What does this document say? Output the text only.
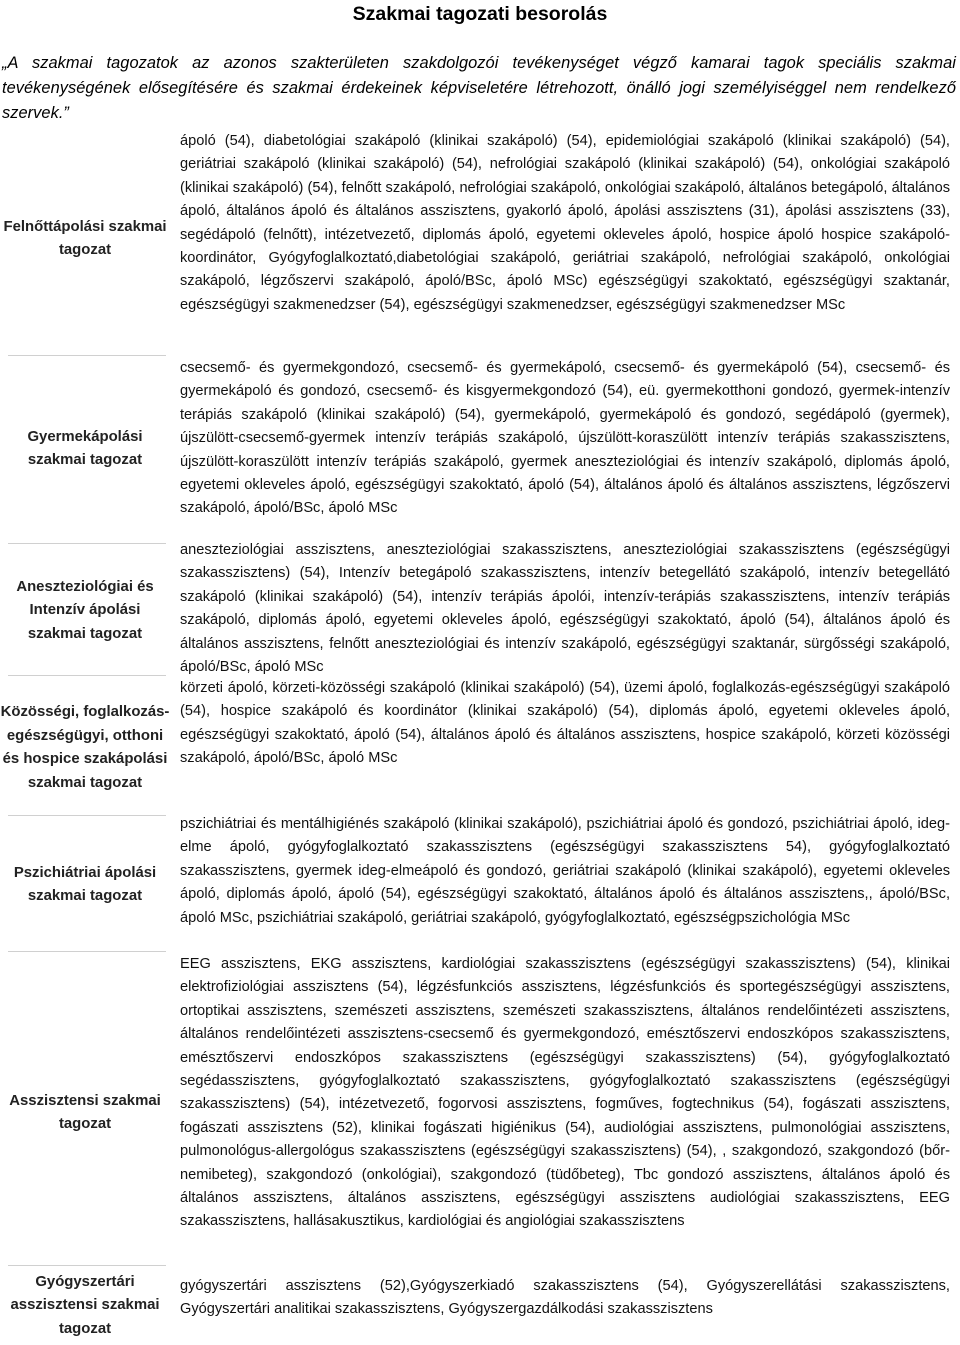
Szakmai tagozati besorolás
„A szakmai tagozatok az azonos szakterületen szakdolgozói tevékenységet végző kamarai tagok speciális szakmai tevékenységének elősegítésére és szakmai érdekeinek képviseletére létrehozott, önálló jogi személyiséggel nem rendelkező szervek.”
Felnőttápolási szakmai tagozat
ápoló (54), diabetológiai szakápoló (klinikai szakápoló) (54), epidemiológiai szakápoló (klinikai szakápoló) (54), geriátriai szakápoló (klinikai szakápoló) (54), nefrológiai szakápoló (klinikai szakápoló) (54), onkológiai szakápoló (klinikai szakápoló) (54), felnőtt szakápoló, nefrológiai szakápoló, onkológiai szakápoló, általános betegápoló, általános ápoló, általános ápoló és általános asszisztens, gyakorló ápoló, ápolási asszisztens (31), ápolási asszisztens (33), segédápoló (felnőtt), intézetvezető, diplomás ápoló, egyetemi okleveles ápoló, hospice ápoló hospice szakápoló-koordinátor, Gyógyfoglalkoztató,diabetológiai szakápoló, geriátriai szakápoló, nefrológiai szakápoló, onkológiai szakápoló, légzőszervi szakápoló, ápoló/BSc, ápoló MSc) egészségügyi szakoktató, egészségügyi szaktanár, egészségügyi szakmenedzser (54), egészségügyi szakmenedzser, egészségügyi szakmenedzser MSc
Gyermekápolási szakmai tagozat
csecsemő- és gyermekgondozó, csecsemő- és gyermekápoló, csecsemő- és gyermekápoló (54), csecsemő- és gyermekápoló és gondozó, csecsemő- és kisgyermekgondozó (54), eü. gyermekotthoni gondozó, gyermek-intenzív terápiás szakápoló (klinikai szakápoló) (54), gyermekápoló, gyermekápoló és gondozó, segédápoló (gyermek), újszülött-csecsemő-gyermek intenzív terápiás szakápoló, újszülött-koraszülött intenzív terápiás szakasszisztens, újszülött-koraszülött intenzív terápiás szakápoló, gyermek aneszteziológiai és intenzív szakápoló, diplomás ápoló, egyetemi okleveles ápoló, egészségügyi szakoktató, ápoló (54), általános ápoló és általános asszisztens, légzőszervi szakápoló, ápoló/BSc, ápoló MSc
Aneszteziológiai és Intenzív ápolási szakmai tagozat
aneszteziológiai asszisztens, aneszteziológiai szakasszisztens, aneszteziológiai szakasszisztens (egészségügyi szakasszisztens) (54), Intenzív betegápoló szakasszisztens, intenzív betegellátó szakápoló, intenzív betegellátó szakápoló (klinikai szakápoló) (54), intenzív terápiás ápolói, intenzív-terápiás szakasszisztens, intenzív terápiás szakápoló, diplomás ápoló, egyetemi okleveles ápoló, egészségügyi szakoktató, ápoló (54), általános ápoló és általános asszisztens, felnőtt aneszteziológiai és intenzív szakápoló, egészségügyi szaktanár, sürgősségi szakápoló, ápoló/BSc, ápoló MSc
Közösségi, foglalkozás-egészségügyi, otthoni és hospice szakápolási szakmai tagozat
körzeti ápoló, körzeti-közösségi szakápoló (klinikai szakápoló) (54), üzemi ápoló, foglalkozás-egészségügyi szakápoló (54), hospice szakápoló és koordinátor (klinikai szakápoló) (54), diplomás ápoló, egyetemi okleveles ápoló, egészségügyi szakoktató, ápoló (54), általános ápoló és általános asszisztens, hospice szakápoló, körzeti közösségi szakápoló, ápoló/BSc, ápoló MSc
Pszichiátriai ápolási szakmai tagozat
pszichiátriai és mentálhigiénés szakápoló (klinikai szakápoló), pszichiátriai ápoló és gondozó, pszichiátriai ápoló, ideg-elme ápoló, gyógyfoglalkoztató szakasszisztens (egészségügyi szakasszisztens 54), gyógyfoglalkoztató szakasszisztens, gyermek ideg-elmeápoló és gondozó, geriátriai szakápoló (klinikai szakápoló), egyetemi okleveles ápoló, diplomás ápoló, ápoló (54), egészségügyi szakoktató, általános ápoló és általános asszisztens,, ápoló/BSc, ápoló MSc, pszichiátriai szakápoló, geriátriai szakápoló, gyógyfoglalkoztató, egészségpszichológia MSc
Asszisztensi szakmai tagozat
EEG asszisztens, EKG asszisztens, kardiológiai szakasszisztens (egészségügyi szakasszisztens) (54), klinikai elektrofiziológiai asszisztens (54), légzésfunkciós asszisztens, légzésfunkciós és sportegészségügyi asszisztens, ortoptikai asszisztens, szemészeti asszisztens, szemészeti szakasszisztens, általános rendelőintézeti asszisztens, általános rendelőintézeti asszisztens-csecsemő és gyermekgondozó, emésztőszervi endoszkópos szakasszisztens, emésztőszervi endoszkópos szakasszisztens (egészségügyi szakasszisztens) (54), gyógyfoglalkoztató segédasszisztens, gyógyfoglalkoztató szakasszisztens, gyógyfoglalkoztató szakasszisztens (egészségügyi szakasszisztens) (54), intézetvezető, fogorvosi asszisztens, fogműves, fogtechnikus (54), fogászati asszisztens, fogászati asszisztens (52), klinikai fogászati higiénikus (54), audiológiai asszisztens, pulmonológiai asszisztens, pulmonológus-allergológus szakasszisztens (egészségügyi szakasszisztens) (54), , szakgondozó, szakgondozó (bőr-nemibeteg), szakgondozó (onkológiai), szakgondozó (tüdőbeteg), Tbc gondozó asszisztens, általános ápoló és általános asszisztens, általános asszisztens, egészségügyi asszisztens audiológiai szakasszisztens, EEG szakasszisztens, hallásakusztikus, kardiológiai és angiológiai szakasszisztens
Gyógyszertári asszisztensi szakmai tagozat
gyógyszertári asszisztens (52),Gyógyszerkiadó szakasszisztens (54), Gyógyszerellátási szakasszisztens, Gyógyszertári analitikai szakasszisztens, Gyógyszergazdálkodási szakasszisztens
